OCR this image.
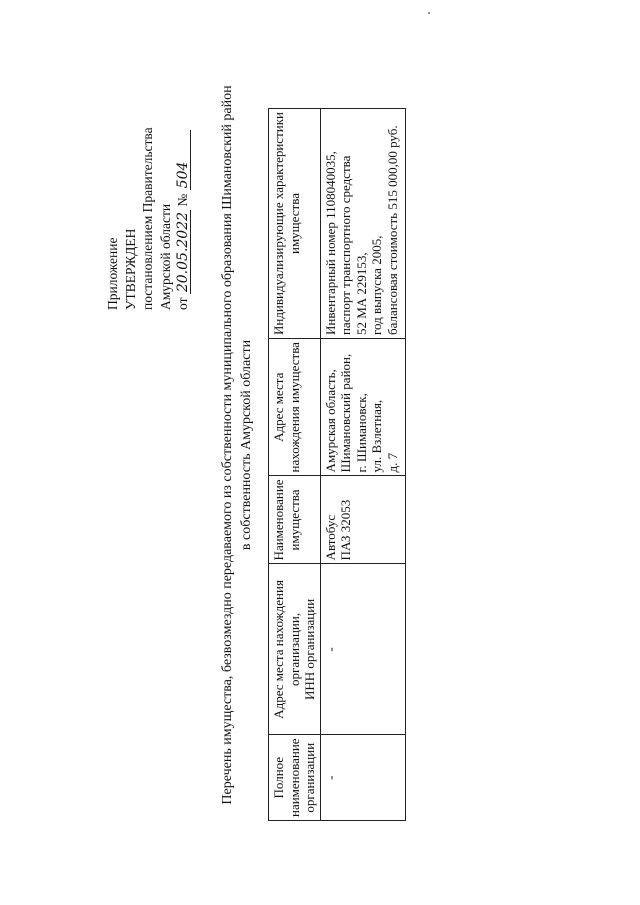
Приложение УТВЕРЖДЕН постановлением Правительства Амурской области от 20.05.2022 № 504 Перечень имущества, безвозмездно передаваемого из собственности муниципального образования Шимановский район в собственность Амурской области
Полное наименование организации	Адрес места нахождения организации, ИНН организации	Наименование имущества	Адрес места нахождения имущества	Индивидуализирующие характеристики имущества

-	-	Автобус ПАЗ 32053	Амурская область, Шимановский район, г. Шимановск, ул. Взлетная, д. 7	Инвентарный номер 1108040035, паспорт транспортного средства 52 МА 229153, год выпуска 2005, балансовая стоимость 515 000,00 руб.
